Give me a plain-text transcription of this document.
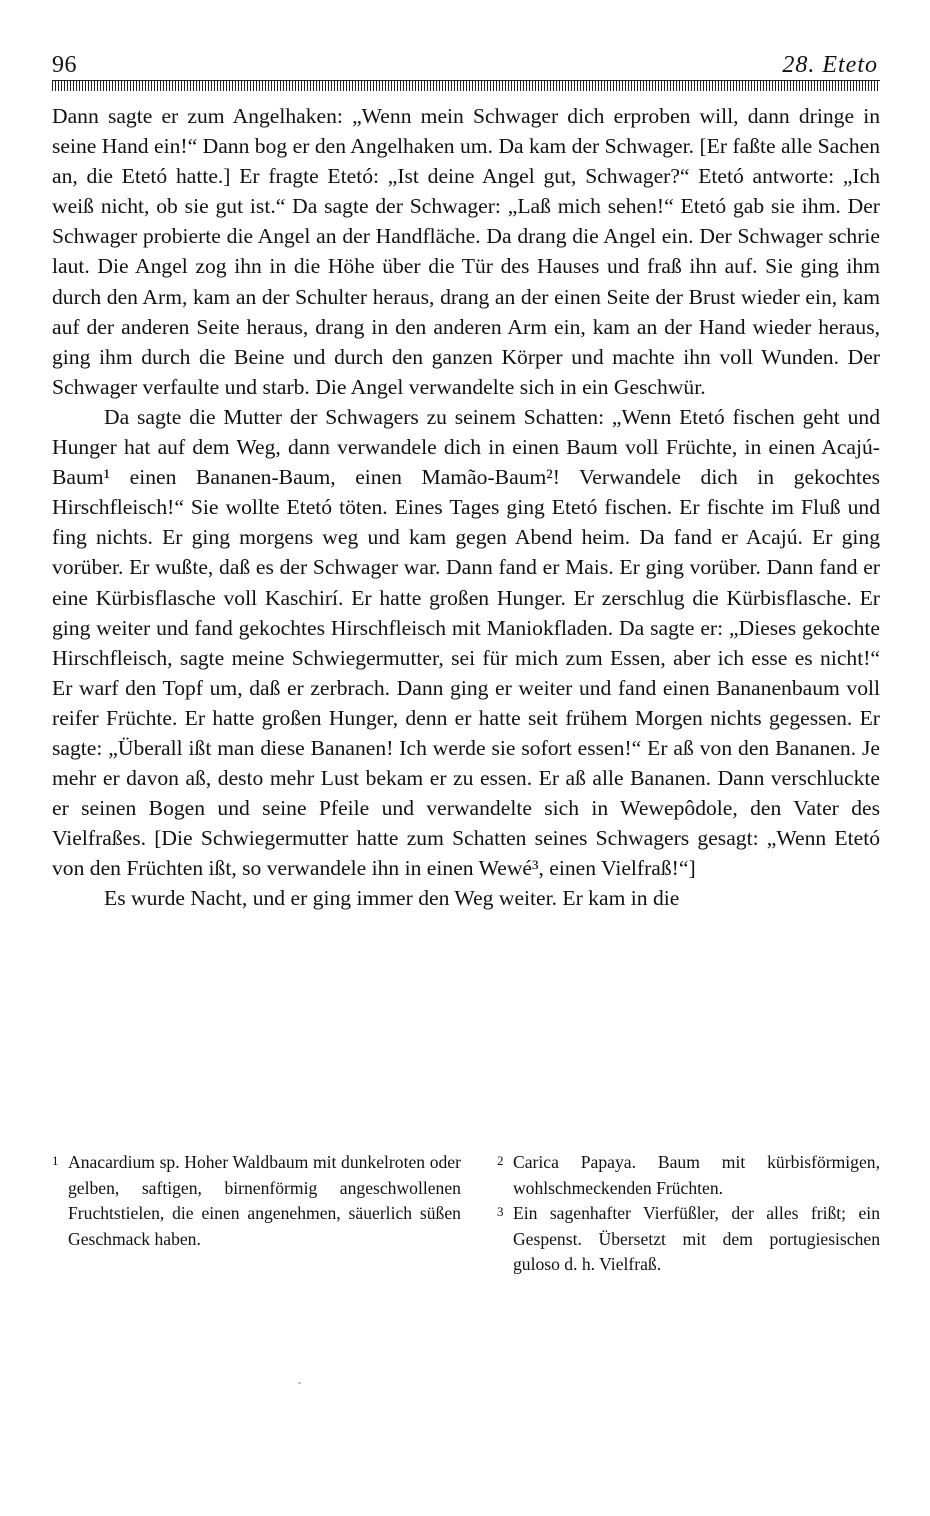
96	28. Eteto

Dann sagte er zum Angelhaken: „Wenn mein Schwager dich erproben will, dann dringe in seine Hand ein!“ Dann bog er den Angelhaken um. Da kam der Schwager. [Er faßte alle Sachen an, die Etetó hatte.] Er fragte Etetó: „Ist deine Angel gut, Schwager?“ Etetó antworte: „Ich weiß nicht, ob sie gut ist.“ Da sagte der Schwager: „Laß mich sehen!“ Etetó gab sie ihm. Der Schwager probierte die Angel an der Handfläche. Da drang die Angel ein. Der Schwager schrie laut. Die Angel zog ihn in die Höhe über die Tür des Hauses und fraß ihn auf. Sie ging ihm durch den Arm, kam an der Schulter heraus, drang an der einen Seite der Brust wieder ein, kam auf der anderen Seite heraus, drang in den anderen Arm ein, kam an der Hand wieder heraus, ging ihm durch die Beine und durch den ganzen Körper und machte ihn voll Wunden. Der Schwager verfaulte und starb. Die Angel verwandelte sich in ein Geschwür.

Da sagte die Mutter der Schwagers zu seinem Schatten: „Wenn Etetó fischen geht und Hunger hat auf dem Weg, dann verwandele dich in einen Baum voll Früchte, in einen Acajú-Baum¹ einen Bananen-Baum, einen Mamão-Baum²! Verwandele dich in gekochtes Hirschfleisch!“ Sie wollte Etetó töten. Eines Tages ging Etetó fischen. Er fischte im Fluß und fing nichts. Er ging morgens weg und kam gegen Abend heim. Da fand er Acajú. Er ging vorüber. Er wußte, daß es der Schwager war. Dann fand er Mais. Er ging vorüber. Dann fand er eine Kürbisflasche voll Kaschirí. Er hatte großen Hunger. Er zerschlug die Kürbisflasche. Er ging weiter und fand gekochtes Hirschfleisch mit Maniokfladen. Da sagte er: „Dieses gekochte Hirschfleisch, sagte meine Schwiegermutter, sei für mich zum Essen, aber ich esse es nicht!“ Er warf den Topf um, daß er zerbrach. Dann ging er weiter und fand einen Bananenbaum voll reifer Früchte. Er hatte großen Hunger, denn er hatte seit frühem Morgen nichts gegessen. Er sagte: „Überall ißt man diese Bananen! Ich werde sie sofort essen!“ Er aß von den Bananen. Je mehr er davon aß, desto mehr Lust bekam er zu essen. Er aß alle Bananen. Dann verschluckte er seinen Bogen und seine Pfeile und verwandelte sich in Wewepôdole, den Vater des Vielfraßes. [Die Schwiegermutter hatte zum Schatten seines Schwagers gesagt: „Wenn Etetó von den Früchten ißt, so verwandele ihn in einen Wewé³, einen Vielfraß!“]

Es wurde Nacht, und er ging immer den Weg weiter. Er kam in die

1 Anacardium sp. Hoher Waldbaum mit dunkelroten oder gelben, saftigen, birnenförmig angeschwollenen Fruchtstielen, die einen angenehmen, säuerlich süßen Geschmack haben.
2 Carica Papaya. Baum mit kürbisförmigen, wohlschmeckenden Früchten.
3 Ein sagenhafter Vierfüßler, der alles frißt; ein Gespenst. Übersetzt mit dem portugiesischen guloso d. h. Vielfraß.
